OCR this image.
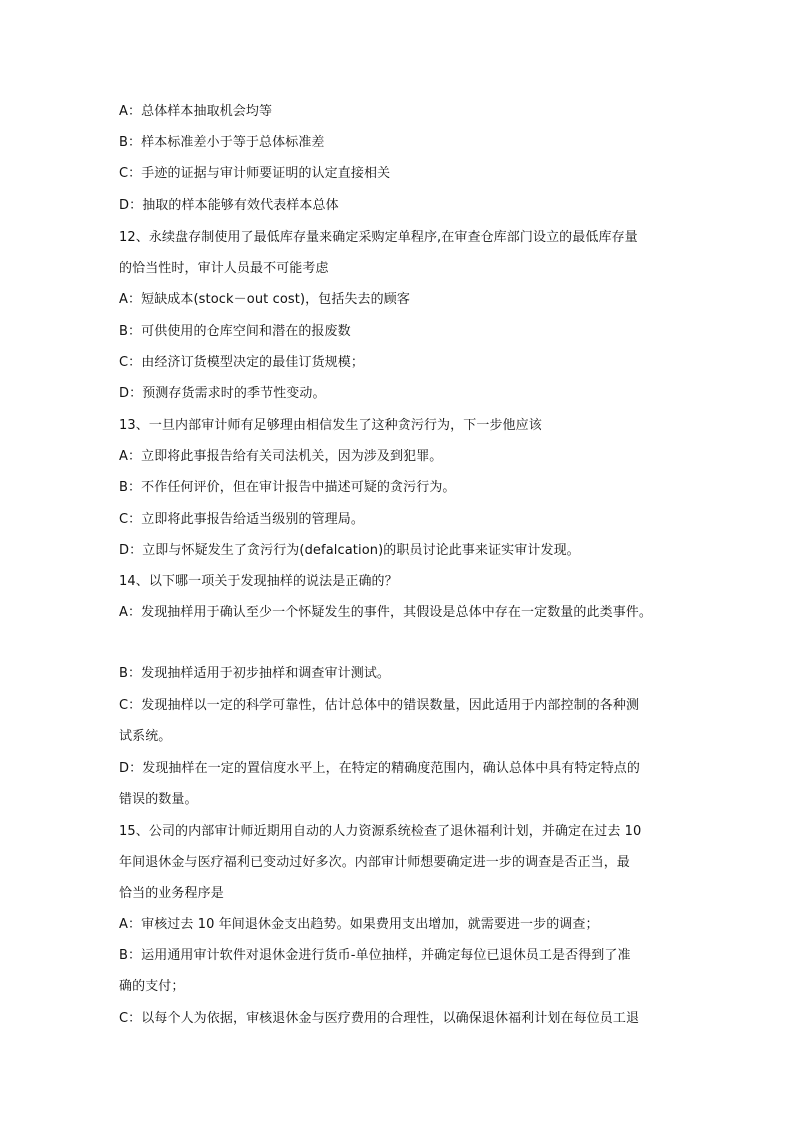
A：总体样本抽取机会均等
B：样本标准差小于等于总体标准差
C：手迹的证据与审计师要证明的认定直接相关
D：抽取的样本能够有效代表样本总体
12、永续盘存制使用了最低库存量来确定采购定单程序,在审查仓库部门设立的最低库存量
的恰当性时，审计人员最不可能考虑
A：短缺成本(stock－out cost)，包括失去的顾客
B：可供使用的仓库空间和潜在的报废数
C：由经济订货模型决定的最佳订货规模；
D：预测存货需求时的季节性变动。
13、一旦内部审计师有足够理由相信发生了这种贪污行为，下一步他应该
A：立即将此事报告给有关司法机关，因为涉及到犯罪。
B：不作任何评价，但在审计报告中描述可疑的贪污行为。
C：立即将此事报告给适当级别的管理局。
D：立即与怀疑发生了贪污行为(defalcation)的职员讨论此事来证实审计发现。
14、以下哪一项关于发现抽样的说法是正确的？
A：发现抽样用于确认至少一个怀疑发生的事件，其假设是总体中存在一定数量的此类事件。
B：发现抽样适用于初步抽样和调查审计测试。
C：发现抽样以一定的科学可靠性，估计总体中的错误数量，因此适用于内部控制的各种测
试系统。
D：发现抽样在一定的置信度水平上，在特定的精确度范围内，确认总体中具有特定特点的
错误的数量。
15、公司的内部审计师近期用自动的人力资源系统检查了退休福利计划，并确定在过去 10
年间退休金与医疗福利已变动过好多次。内部审计师想要确定进一步的调查是否正当，最
恰当的业务程序是
A：审核过去 10 年间退休金支出趋势。如果费用支出增加，就需要进一步的调查；
B：运用通用审计软件对退休金进行货币-单位抽样，并确定每位已退休员工是否得到了准
确的支付；
C：以每个人为依据，审核退休金与医疗费用的合理性，以确保退休福利计划在每位员工退
